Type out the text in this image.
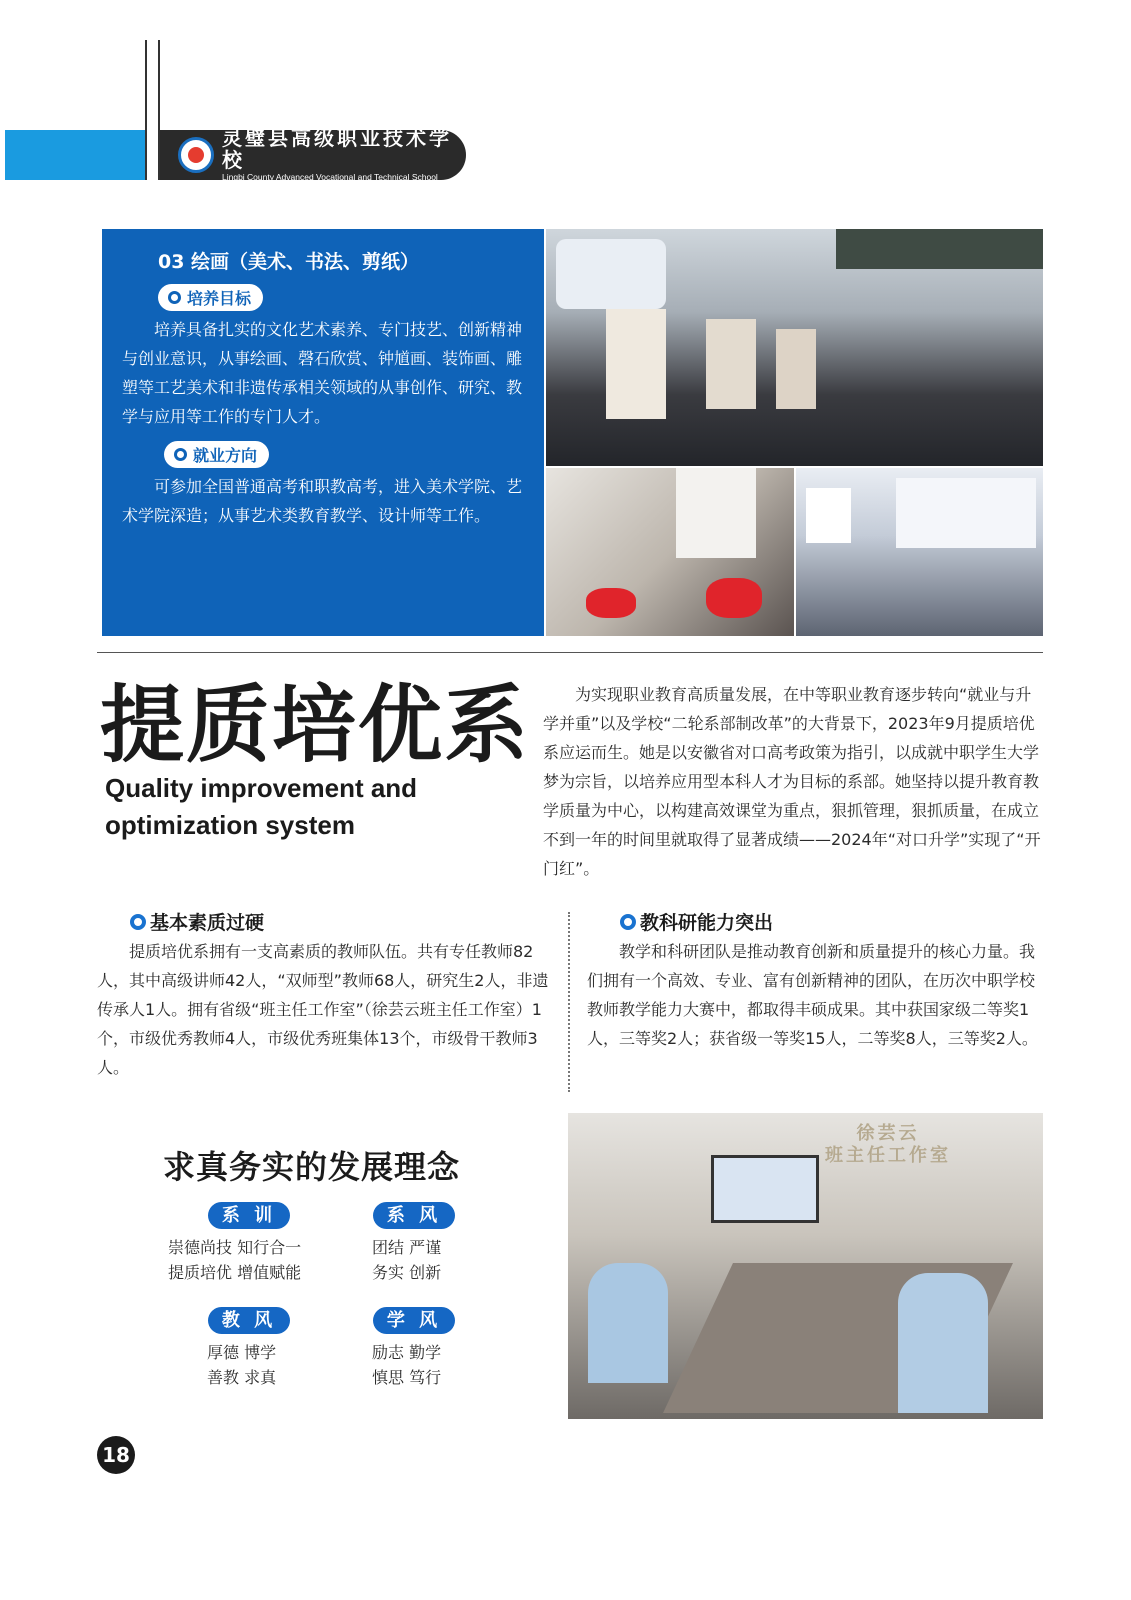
灵璧县高级职业技术学校
Lingbi County Advanced Vocational and Technical School
03 绘画（美术、书法、剪纸）
培养目标

培养具备扎实的文化艺术素养、专门技艺、创新精神与创业意识，从事绘画、磬石欣赏、钟馗画、装饰画、雕塑等工艺美术和非遗传承相关领域的从事创作、研究、教学与应用等工作的专门人才。

就业方向

可参加全国普通高考和职教高考，进入美术学院、艺术学院深造；从事艺术类教育教学、设计师等工作。

徐芸云
班主任工作室
提质培优系
Quality improvement and
optimization system

为实现职业教育高质量发展，在中等职业教育逐步转向“就业与升学并重”以及学校“二轮系部制改革”的大背景下，2023年9月提质培优系应运而生。她是以安徽省对口高考政策为指引，以成就中职学生大学梦为宗旨，以培养应用型本科人才为目标的系部。她坚持以提升教育教学质量为中心，以构建高效课堂为重点，狠抓管理，狠抓质量，在成立不到一年的时间里就取得了显著成绩——2024年“对口升学”实现了“开门红”。

基本素质过硬

提质培优系拥有一支高素质的教师队伍。共有专任教师82人，其中高级讲师42人，“双师型”教师68人，研究生2人，非遗传承人1人。拥有省级“班主任工作室”（徐芸云班主任工作室）1个，市级优秀教师4人，市级优秀班集体13个，市级骨干教师3人。

教科研能力突出

教学和科研团队是推动教育创新和质量提升的核心力量。我们拥有一个高效、专业、富有创新精神的团队，在历次中职学校教师教学能力大赛中，都取得丰硕成果。其中获国家级二等奖1人，三等奖2人；获省级一等奖15人，二等奖8人，三等奖2人。

求真务实的发展理念
系 训
崇德尚技 知行合一
提质培优 增值赋能
系 风
团结 严谨
务实 创新
教 风
厚德 博学
善教 求真
学 风
励志 勤学
慎思 笃行
18
